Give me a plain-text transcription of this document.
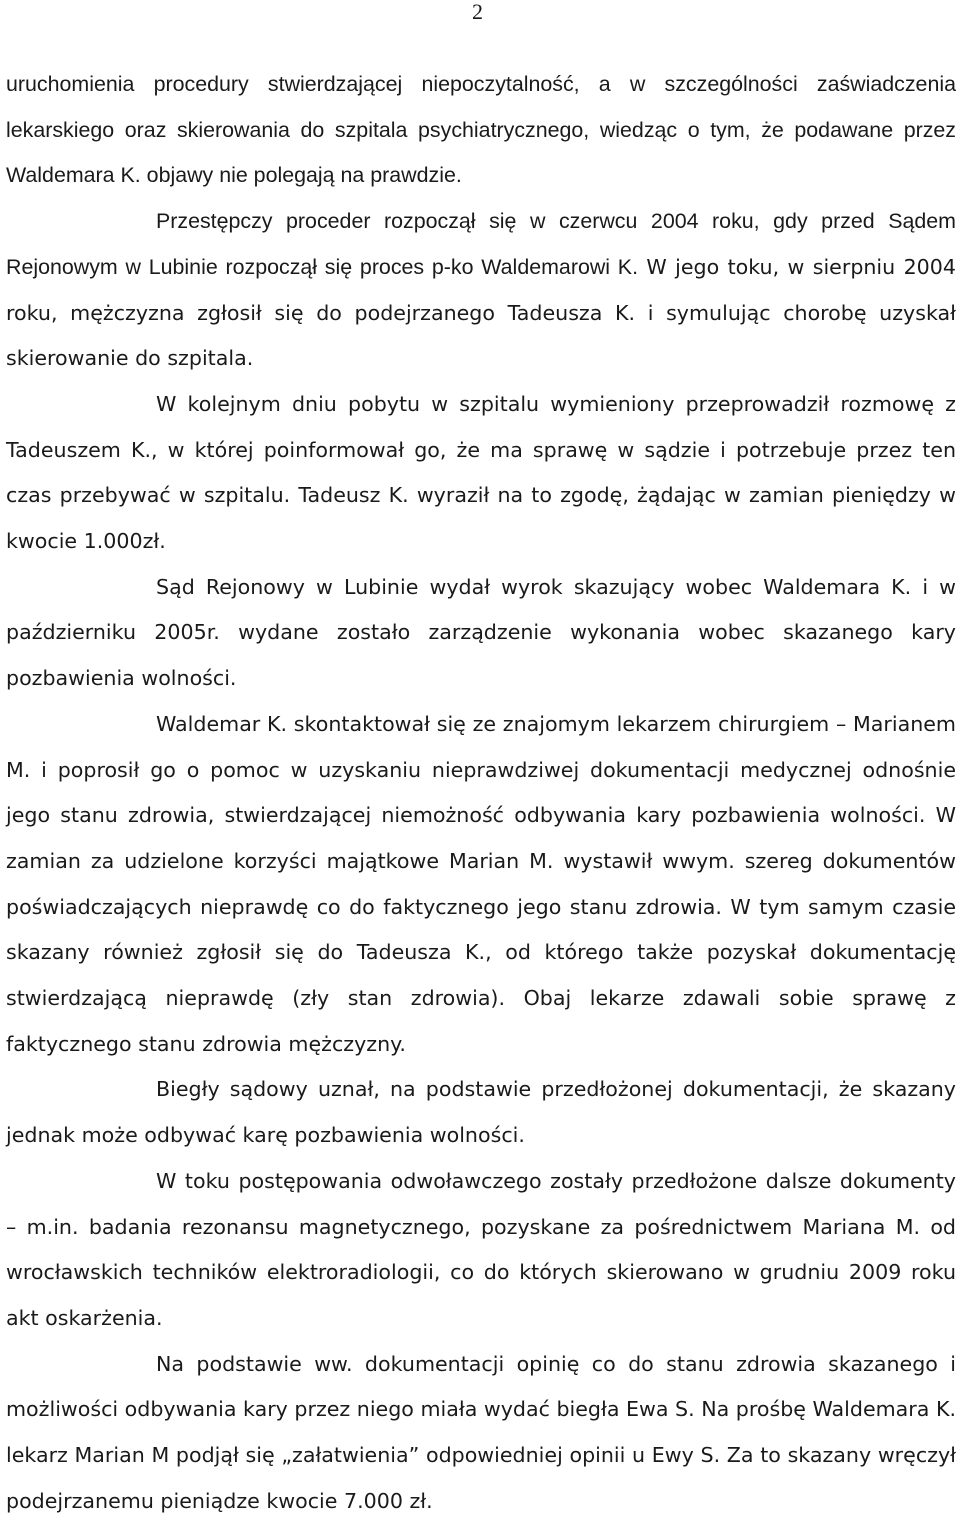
2

uruchomienia procedury stwierdzającej niepoczytalność, a w szczególności zaświadczenia lekarskiego oraz skierowania do szpitala psychiatrycznego, wiedząc o tym, że podawane przez Waldemara K. objawy nie polegają na prawdzie.

Przestępczy proceder rozpoczął się w czerwcu 2004 roku, gdy przed Sądem Rejonowym w Lubinie rozpoczął się proces p-ko Waldemarowi K. W jego toku, w sierpniu 2004 roku, mężczyzna zgłosił się do podejrzanego Tadeusza K. i symulując chorobę uzyskał skierowanie do szpitala.

W kolejnym dniu pobytu w szpitalu wymieniony przeprowadził rozmowę z Tadeuszem K., w której poinformował go, że ma sprawę w sądzie i potrzebuje przez ten czas przebywać w szpitalu. Tadeusz K. wyraził na to zgodę, żądając w zamian pieniędzy w kwocie 1.000zł.

Sąd Rejonowy w Lubinie wydał wyrok skazujący wobec Waldemara K. i w październiku 2005r. wydane zostało zarządzenie wykonania wobec skazanego kary pozbawienia wolności.

Waldemar K. skontaktował się ze znajomym lekarzem chirurgiem – Marianem M. i poprosił go o pomoc w uzyskaniu nieprawdziwej dokumentacji medycznej odnośnie jego stanu zdrowia, stwierdzającej niemożność odbywania kary pozbawienia wolności. W zamian za udzielone korzyści majątkowe Marian M. wystawił wwym. szereg dokumentów poświadczających nieprawdę co do faktycznego jego stanu zdrowia. W tym samym czasie skazany również zgłosił się do Tadeusza K., od którego także pozyskał dokumentację stwierdzającą nieprawdę (zły stan zdrowia). Obaj lekarze zdawali sobie sprawę z faktycznego stanu zdrowia mężczyzny.

Biegły sądowy uznał, na podstawie przedłożonej dokumentacji, że skazany jednak może odbywać karę pozbawienia wolności.

W toku postępowania odwoławczego zostały przedłożone dalsze dokumenty – m.in. badania rezonansu magnetycznego, pozyskane za pośrednictwem Mariana M. od wrocławskich techników elektroradiologii, co do których skierowano w grudniu 2009 roku akt oskarżenia.

Na podstawie ww. dokumentacji opinię co do stanu zdrowia skazanego i możliwości odbywania kary przez niego miała wydać biegła Ewa S. Na prośbę Waldemara K. lekarz Marian M podjął się „załatwienia” odpowiedniej opinii u Ewy S. Za to skazany wręczył podejrzanemu pieniądze kwocie 7.000 zł.
